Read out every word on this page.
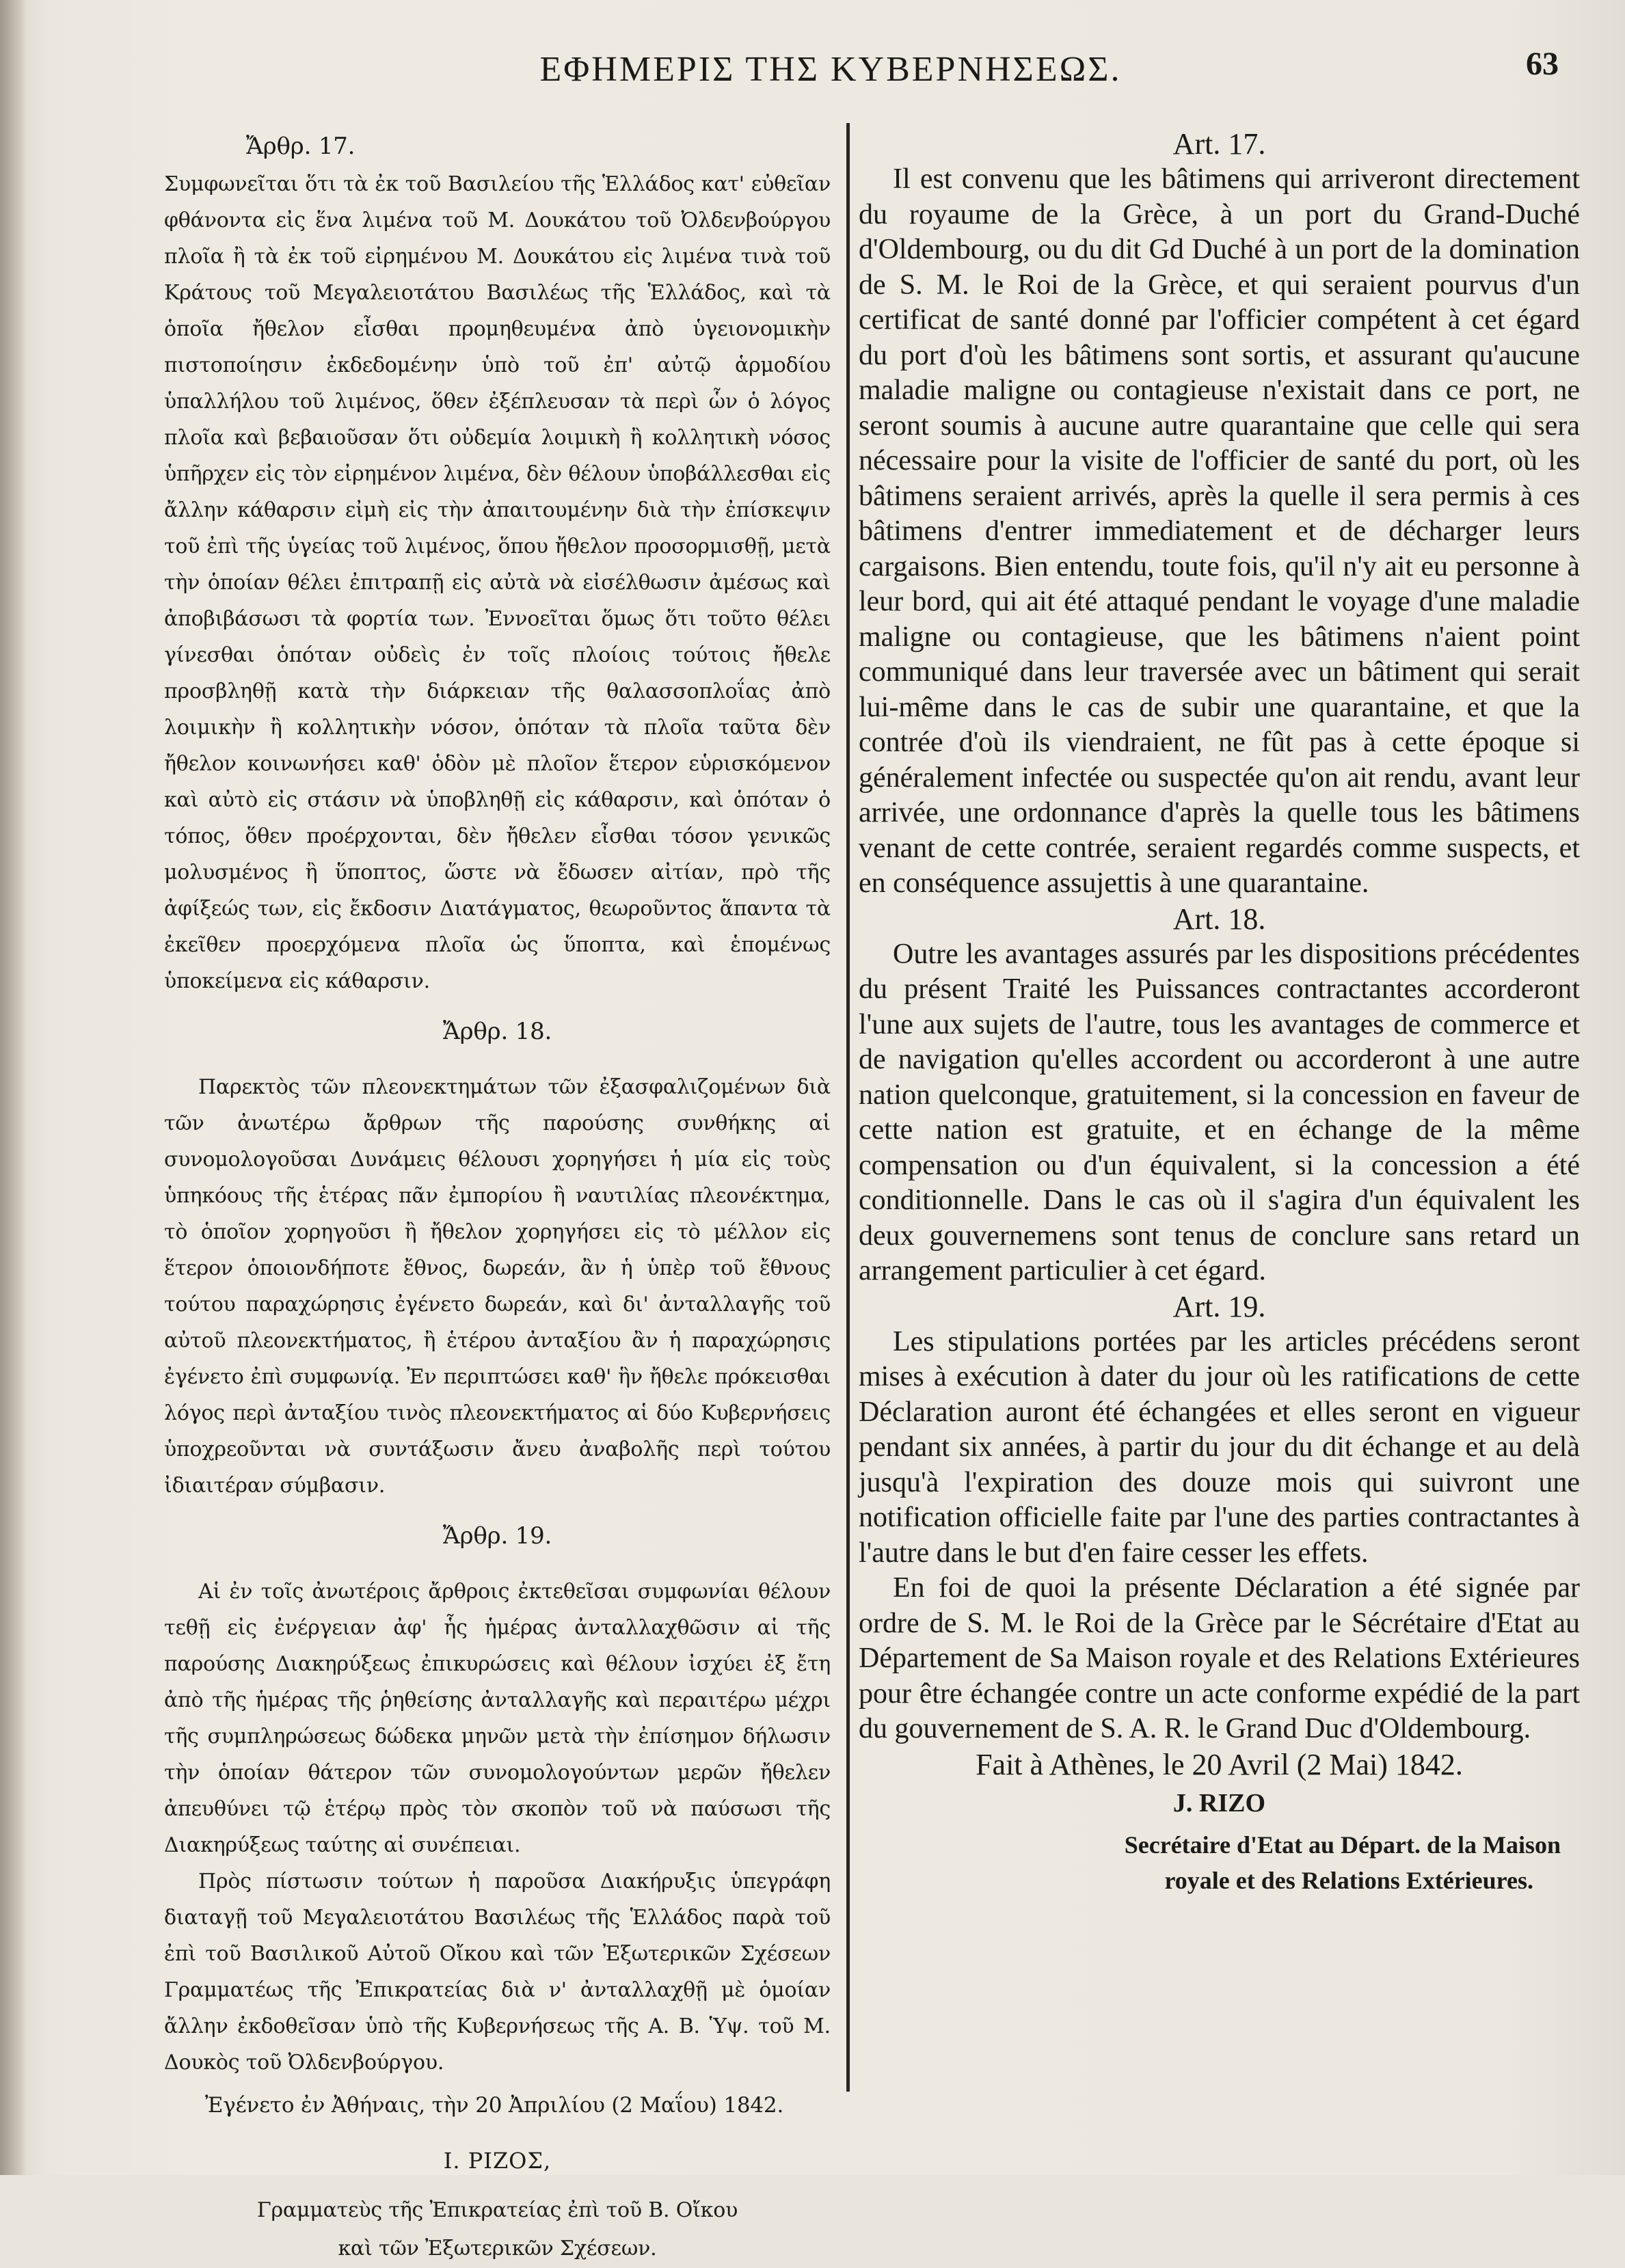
ΕΦΗΜΕΡΙΣ ΤΗΣ ΚΥΒΕΡΝΗΣΕΩΣ.	63
Ἄρθρ. 17.

Συμφωνεῖται ὅτι τὰ ἐκ τοῦ Βασιλείου τῆς Ἑλλάδος κατ' εὐθεῖαν φθάνοντα εἰς ἕνα λιμένα τοῦ Μ. Δουκάτου τοῦ Ὀλδενβούργου πλοῖα ἢ τὰ ἐκ τοῦ εἰρημένου Μ. Δουκάτου εἰς λιμένα τινὰ τοῦ Κράτους τοῦ Μεγαλειοτάτου Βασιλέως τῆς Ἑλλάδος, καὶ τὰ ὁποῖα ἤθελον εἶσθαι προμηθευμένα ἀπὸ ὑγειονομικὴν πιστοποίησιν ἐκδεδομένην ὑπὸ τοῦ ἐπ' αὐτῷ ἁρμοδίου ὑπαλλήλου τοῦ λιμένος, ὅθεν ἐξέπλευσαν τὰ περὶ ὧν ὁ λόγος πλοῖα καὶ βεβαιοῦσαν ὅτι οὐδεμία λοιμικὴ ἢ κολλητικὴ νόσος ὑπῆρχεν εἰς τὸν εἰρημένον λιμένα, δὲν θέλουν ὑποβάλλεσθαι εἰς ἄλλην κάθαρσιν εἰμὴ εἰς τὴν ἀπαιτουμένην διὰ τὴν ἐπίσκεψιν τοῦ ἐπὶ τῆς ὑγείας τοῦ λιμένος, ὅπου ἤθελον προσορμισθῇ, μετὰ τὴν ὁποίαν θέλει ἐπιτραπῇ εἰς αὐτὰ νὰ εἰσέλθωσιν ἀμέσως καὶ ἀποβιβάσωσι τὰ φορτία των. Ἐννοεῖται ὅμως ὅτι τοῦτο θέλει γίνεσθαι ὁπόταν οὐδεὶς ἐν τοῖς πλοίοις τούτοις ἤθελε προσβληθῇ κατὰ τὴν διάρκειαν τῆς θαλασσοπλοΐας ἀπὸ λοιμικὴν ἢ κολλητικὴν νόσον, ὁπόταν τὰ πλοῖα ταῦτα δὲν ἤθελον κοινωνήσει καθ' ὁδὸν μὲ πλοῖον ἕτερον εὑρισκόμενον καὶ αὐτὸ εἰς στάσιν νὰ ὑποβληθῇ εἰς κάθαρσιν, καὶ ὁπόταν ὁ τόπος, ὅθεν προέρχονται, δὲν ἤθελεν εἶσθαι τόσον γενικῶς μολυσμένος ἢ ὕποπτος, ὥστε νὰ ἔδωσεν αἰτίαν, πρὸ τῆς ἀφίξεώς των, εἰς ἔκδοσιν Διατάγματος, θεωροῦντος ἅπαντα τὰ ἐκεῖθεν προερχόμενα πλοῖα ὡς ὕποπτα, καὶ ἑπομένως ὑποκείμενα εἰς κάθαρσιν.

Ἄρθρ. 18.

Παρεκτὸς τῶν πλεονεκτημάτων τῶν ἐξασφαλιζομένων διὰ τῶν ἀνωτέρω ἄρθρων τῆς παρούσης συνθήκης αἱ συνομολογοῦσαι Δυνάμεις θέλουσι χορηγήσει ἡ μία εἰς τοὺς ὑπηκόους τῆς ἑτέρας πᾶν ἐμπορίου ἢ ναυτιλίας πλεονέκτημα, τὸ ὁποῖον χορηγοῦσι ἢ ἤθελον χορηγήσει εἰς τὸ μέλλον εἰς ἕτερον ὁποιονδήποτε ἔθνος, δωρεάν, ἂν ἡ ὑπὲρ τοῦ ἔθνους τούτου παραχώρησις ἐγένετο δωρεάν, καὶ δι' ἀνταλλαγῆς τοῦ αὐτοῦ πλεονεκτήματος, ἢ ἑτέρου ἀνταξίου ἂν ἡ παραχώρησις ἐγένετο ἐπὶ συμφωνίᾳ. Ἐν περιπτώσει καθ' ἣν ἤθελε πρόκεισθαι λόγος περὶ ἀνταξίου τινὸς πλεονεκτήματος αἱ δύο Κυβερνήσεις ὑποχρεοῦνται νὰ συντάξωσιν ἄνευ ἀναβολῆς περὶ τούτου ἰδιαιτέραν σύμβασιν.

Ἄρθρ. 19.

Αἱ ἐν τοῖς ἀνωτέροις ἄρθροις ἐκτεθεῖσαι συμφωνίαι θέλουν τεθῇ εἰς ἐνέργειαν ἀφ' ἧς ἡμέρας ἀνταλλαχθῶσιν αἱ τῆς παρούσης Διακηρύξεως ἐπικυρώσεις καὶ θέλουν ἰσχύει ἐξ ἔτη ἀπὸ τῆς ἡμέρας τῆς ῥηθείσης ἀνταλλαγῆς καὶ περαιτέρω μέχρι τῆς συμπληρώσεως δώδεκα μηνῶν μετὰ τὴν ἐπίσημον δήλωσιν τὴν ὁποίαν θάτερον τῶν συνομολογούντων μερῶν ἤθελεν ἀπευθύνει τῷ ἑτέρῳ πρὸς τὸν σκοπὸν τοῦ νὰ παύσωσι τῆς Διακηρύξεως ταύτης αἱ συνέπειαι.

Πρὸς πίστωσιν τούτων ἡ παροῦσα Διακήρυξις ὑπεγράφη διαταγῇ τοῦ Μεγαλειοτάτου Βασιλέως τῆς Ἑλλάδος παρὰ τοῦ ἐπὶ τοῦ Βασιλικοῦ Αὐτοῦ Οἴκου καὶ τῶν Ἐξωτερικῶν Σχέσεων Γραμματέως τῆς Ἐπικρατείας διὰ ν' ἀνταλλαχθῇ μὲ ὁμοίαν ἄλλην ἐκδοθεῖσαν ὑπὸ τῆς Κυβερνήσεως τῆς Α. Β. Ὑψ. τοῦ Μ. Δουκὸς τοῦ Ὀλδενβούργου.

Ἐγένετο ἐν Ἀθήναις, τὴν 20 Ἀπριλίου (2 Μαΐου) 1842.

Ι. ΡΙΖΟΣ,
Γραμματεὺς τῆς Ἐπικρατείας ἐπὶ τοῦ Β. Οἴκου
καὶ τῶν Ἐξωτερικῶν Σχέσεων.
Art. 17.

Il est convenu que les bâtimens qui arriveront directement du royaume de la Grèce, à un port du Grand-Duché d'Oldembourg, ou du dit Gd Duché à un port de la domination de S. M. le Roi de la Grèce, et qui seraient pourvus d'un certificat de santé donné par l'officier compétent à cet égard du port d'où les bâtimens sont sortis, et assurant qu'aucune maladie maligne ou contagieuse n'existait dans ce port, ne seront soumis à aucune autre quarantaine que celle qui sera nécessaire pour la visite de l'officier de santé du port, où les bâtimens seraient arrivés, après la quelle il sera permis à ces bâtimens d'entrer immediatement et de décharger leurs cargaisons. Bien entendu, toute fois, qu'il n'y ait eu personne à leur bord, qui ait été attaqué pendant le voyage d'une maladie maligne ou contagieuse, que les bâtimens n'aient point communiqué dans leur traversée avec un bâtiment qui serait lui-même dans le cas de subir une quarantaine, et que la contrée d'où ils viendraient, ne fût pas à cette époque si généralement infectée ou suspectée qu'on ait rendu, avant leur arrivée, une ordonnance d'après la quelle tous les bâtimens venant de cette contrée, seraient regardés comme suspects, et en conséquence assujettis à une quarantaine.

Art. 18.

Outre les avantages assurés par les dispositions précédentes du présent Traité les Puissances contractantes accorderont l'une aux sujets de l'autre, tous les avantages de commerce et de navigation qu'elles accordent ou accorderont à une autre nation quelconque, gratuitement, si la concession en faveur de cette nation est gratuite, et en échange de la même compensation ou d'un équivalent, si la concession a été conditionnelle. Dans le cas où il s'agira d'un équivalent les deux gouvernemens sont tenus de conclure sans retard un arrangement particulier à cet égard.

Art. 19.

Les stipulations portées par les articles précédens seront mises à exécution à dater du jour où les ratifications de cette Déclaration auront été échangées et elles seront en vigueur pendant six années, à partir du jour du dit échange et au delà jusqu'à l'expiration des douze mois qui suivront une notification officielle faite par l'une des parties contractantes à l'autre dans le but d'en faire cesser les effets.

En foi de quoi la présente Déclaration a été signée par ordre de S. M. le Roi de la Grèce par le Sécrétaire d'Etat au Département de Sa Maison royale et des Relations Extérieures pour être échangée contre un acte conforme expédié de la part du gouvernement de S. A. R. le Grand Duc d'Oldembourg.

Fait à Athènes, le 20 Avril (2 Mai) 1842.
J. RIZO
Secrétaire d'Etat au Départ. de la Maison
royale et des Relations Extérieures.
